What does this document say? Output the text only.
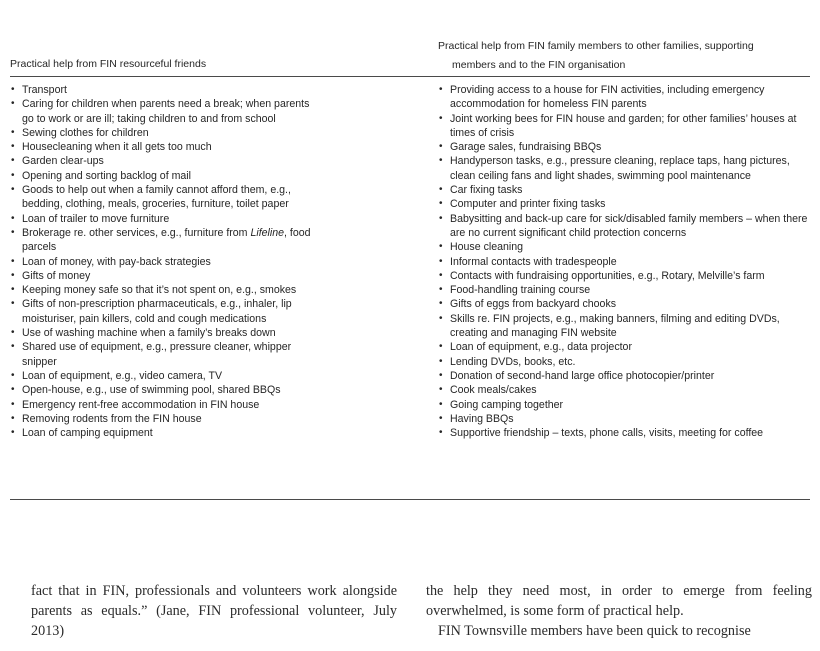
Practical help from FIN resourceful friends
Practical help from FIN family members to other families, supporting
members and to the FIN organisation
• Transport
• Caring for children when parents need a break; when parents go to work or are ill; taking children to and from school
• Sewing clothes for children
• Housecleaning when it all gets too much
• Garden clear-ups
• Opening and sorting backlog of mail
• Goods to help out when a family cannot afford them, e.g., bedding, clothing, meals, groceries, furniture, toilet paper
• Loan of trailer to move furniture
• Brokerage re. other services, e.g., furniture from Lifeline, food parcels
• Loan of money, with pay-back strategies
• Gifts of money
• Keeping money safe so that it’s not spent on, e.g., smokes
• Gifts of non-prescription pharmaceuticals, e.g., inhaler, lip moisturiser, pain killers, cold and cough medications
• Use of washing machine when a family’s breaks down
• Shared use of equipment, e.g., pressure cleaner, whipper snipper
• Loan of equipment, e.g., video camera, TV
• Open-house, e.g., use of swimming pool, shared BBQs
• Emergency rent-free accommodation in FIN house
• Removing rodents from the FIN house
• Loan of camping equipment
• Providing access to a house for FIN activities, including emergency accommodation for homeless FIN parents
• Joint working bees for FIN house and garden; for other families’ houses at times of crisis
• Garage sales, fundraising BBQs
• Handyperson tasks, e.g., pressure cleaning, replace taps, hang pictures, clean ceiling fans and light shades, swimming pool maintenance
• Car fixing tasks
• Computer and printer fixing tasks
• Babysitting and back-up care for sick/disabled family members – when there are no current significant child protection concerns
• House cleaning
• Informal contacts with tradespeople
• Contacts with fundraising opportunities, e.g., Rotary, Melville’s farm
• Food-handling training course
• Gifts of eggs from backyard chooks
• Skills re. FIN projects, e.g., making banners, filming and editing DVDs, creating and managing FIN website
• Loan of equipment, e.g., data projector
• Lending DVDs, books, etc.
• Donation of second-hand large office photocopier/printer
• Cook meals/cakes
• Going camping together
• Having BBQs
• Supportive friendship – texts, phone calls, visits, meeting for coffee
fact that in FIN, professionals and volunteers work alongside parents as equals.” (Jane, FIN professional volunteer, July 2013)
the help they need most, in order to emerge from feeling overwhelmed, is some form of practical help.
FIN Townsville members have been quick to recognise
